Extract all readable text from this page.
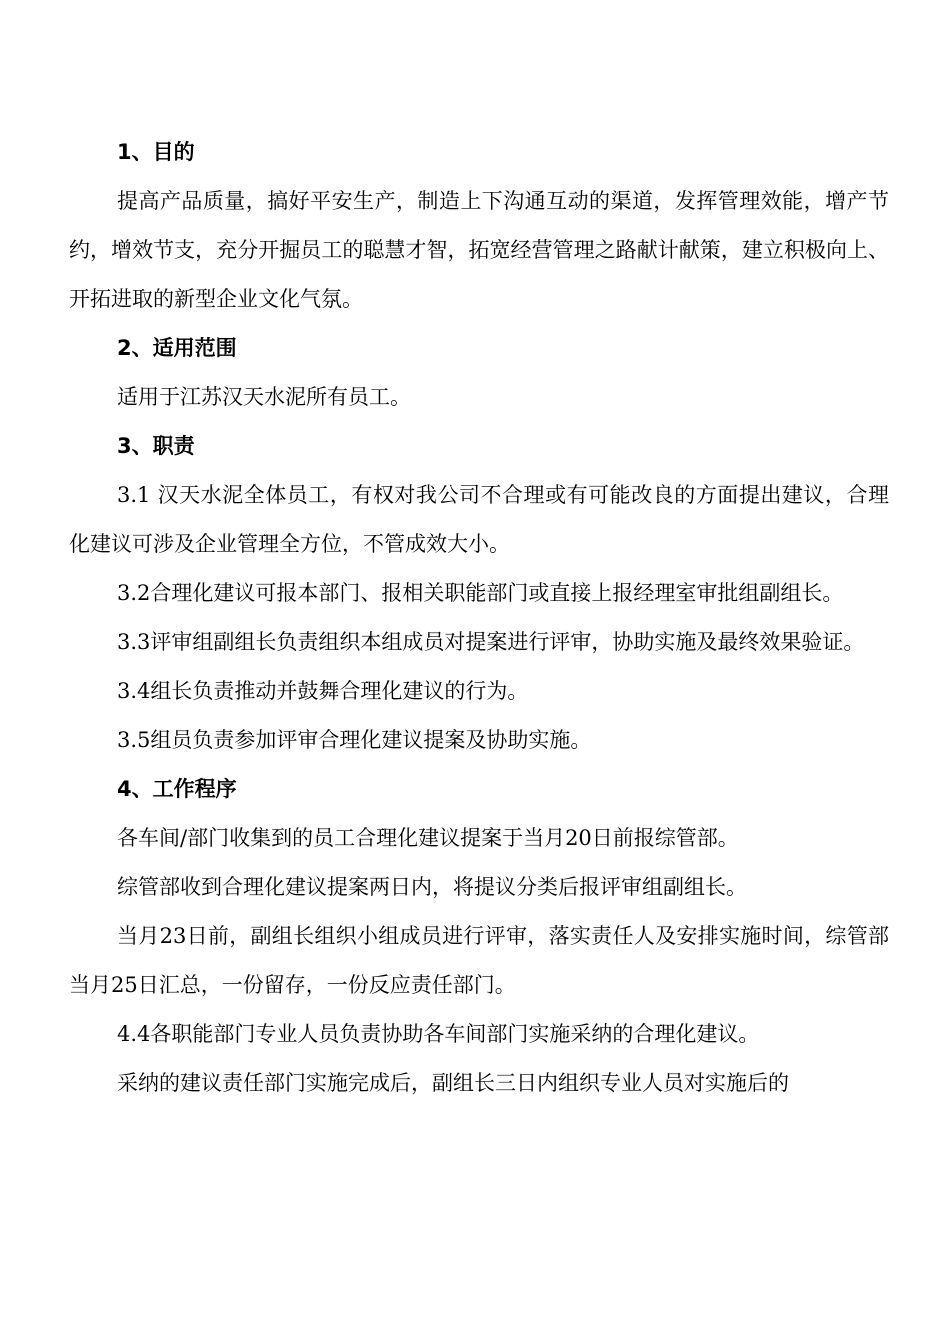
1、目的

提高产品质量，搞好平安生产，制造上下沟通互动的渠道，发挥管理效能，增产节约，增效节支，充分开掘员工的聪慧才智，拓宽经营管理之路献计献策，建立积极向上、开拓进取的新型企业文化气氛。

2、适用范围

适用于江苏汉天水泥所有员工。

3、职责

3.1 汉天水泥全体员工，有权对我公司不合理或有可能改良的方面提出建议，合理化建议可涉及企业管理全方位，不管成效大小。

3.2合理化建议可报本部门、报相关职能部门或直接上报经理室审批组副组长。

3.3评审组副组长负责组织本组成员对提案进行评审，协助实施及最终效果验证。

3.4组长负责推动并鼓舞合理化建议的行为。

3.5组员负责参加评审合理化建议提案及协助实施。

4、工作程序

各车间/部门收集到的员工合理化建议提案于当月20日前报综管部。

综管部收到合理化建议提案两日内，将提议分类后报评审组副组长。

当月23日前，副组长组织小组成员进行评审，落实责任人及安排实施时间，综管部当月25日汇总，一份留存，一份反应责任部门。

4.4各职能部门专业人员负责协助各车间部门实施采纳的合理化建议。

采纳的建议责任部门实施完成后，副组长三日内组织专业人员对实施后的
